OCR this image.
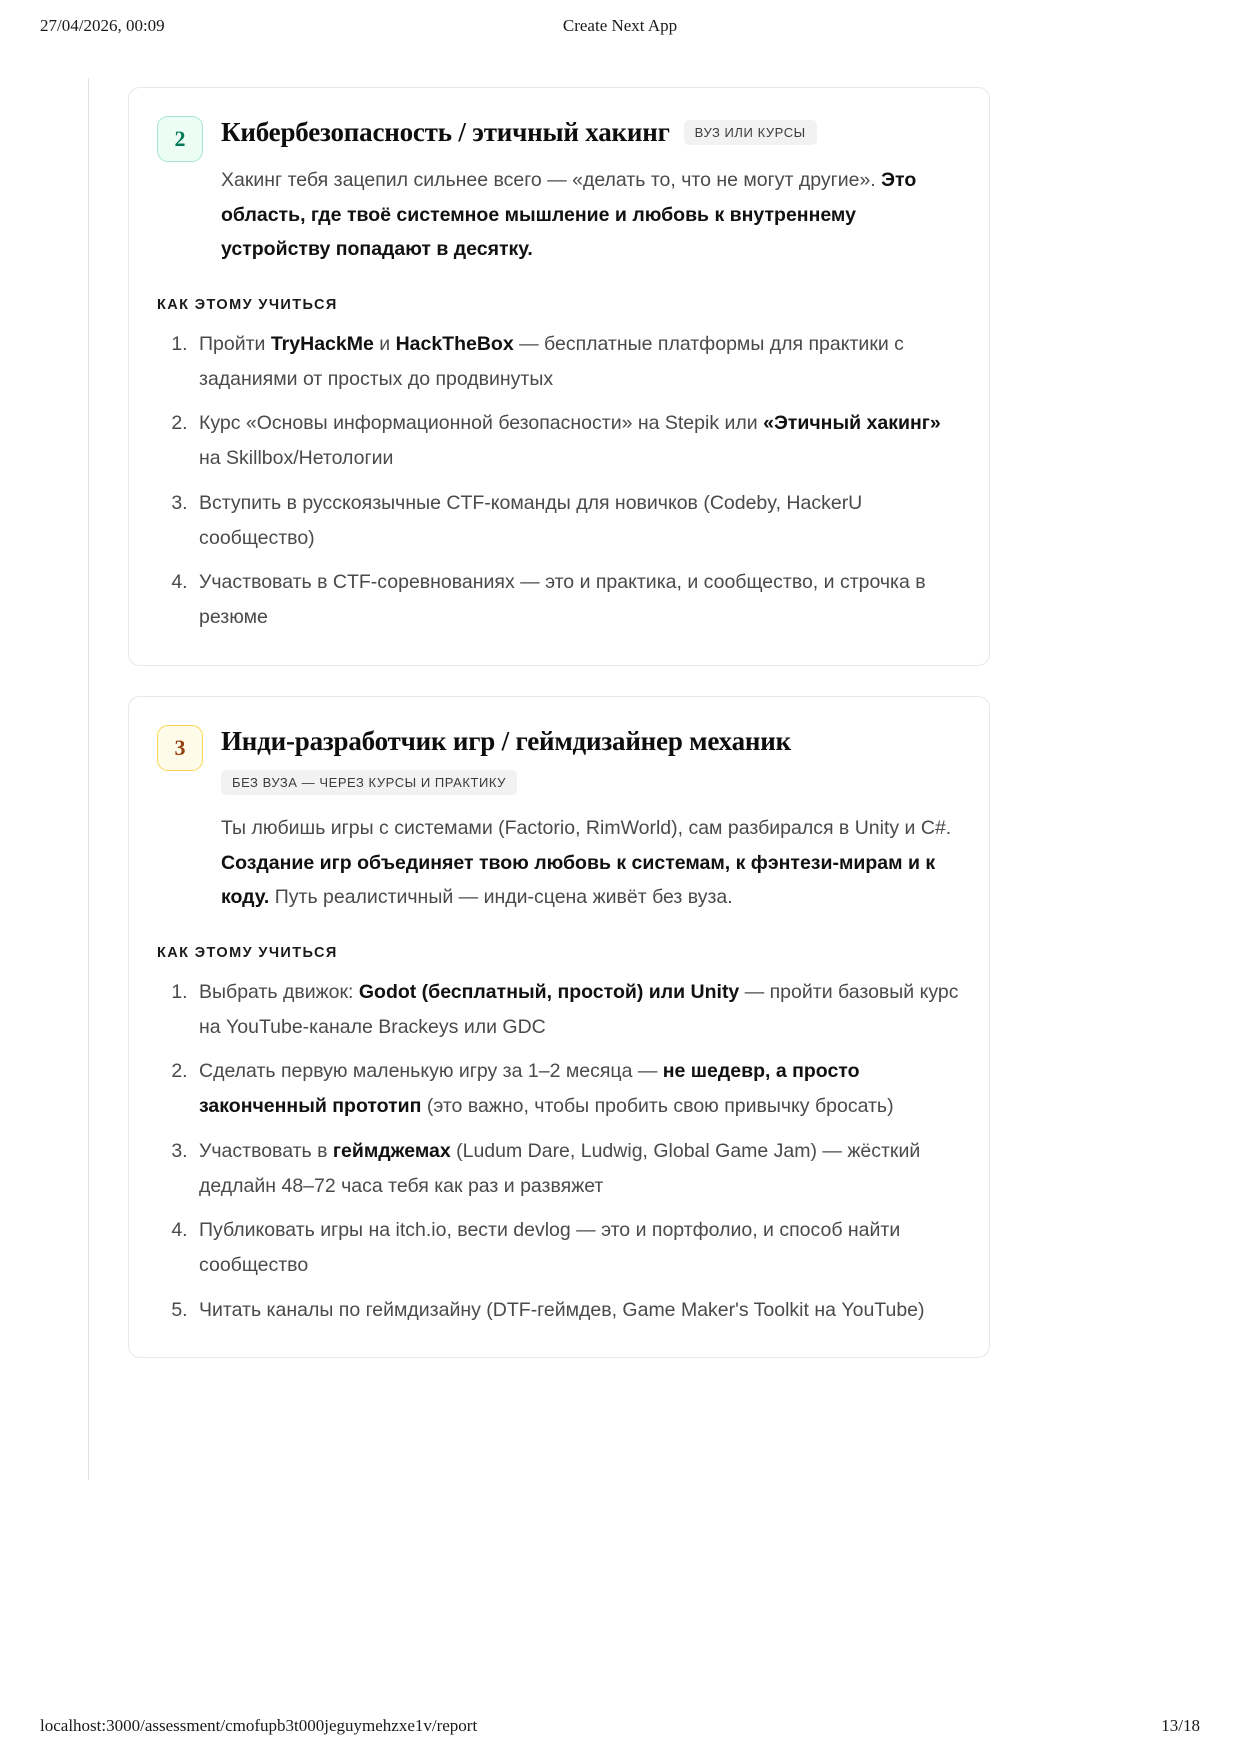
27/04/2026, 00:09	Create Next App
2	Кибербезопасность / этичный хакинг	ВУЗ ИЛИ КУРСЫ

Хакинг тебя зацепил сильнее всего — «делать то, что не могут другие». Это область, где твоё системное мышление и любовь к внутреннему устройству попадают в десятку.

КАК ЭТОМУ УЧИТЬСЯ
1. Пройти TryHackMe и HackTheBox — бесплатные платформы для практики с заданиями от простых до продвинутых
2. Курс «Основы информационной безопасности» на Stepik или «Этичный хакинг» на Skillbox/Нетологии
3. Вступить в русскоязычные CTF-команды для новичков (Codeby, HackerU сообщество)
4. Участвовать в CTF-соревнованиях — это и практика, и сообщество, и строчка в резюме
3	Инди-разработчик игр / геймдизайнер механик
БЕЗ ВУЗА — ЧЕРЕЗ КУРСЫ И ПРАКТИКУ

Ты любишь игры с системами (Factorio, RimWorld), сам разбирался в Unity и C#. Создание игр объединяет твою любовь к системам, к фэнтези-мирам и к коду. Путь реалистичный — инди-сцена живёт без вуза.

КАК ЭТОМУ УЧИТЬСЯ
1. Выбрать движок: Godot (бесплатный, простой) или Unity — пройти базовый курс на YouTube-канале Brackeys или GDC
2. Сделать первую маленькую игру за 1–2 месяца — не шедевр, а просто законченный прототип (это важно, чтобы пробить свою привычку бросать)
3. Участвовать в геймджемах (Ludum Dare, Ludwig, Global Game Jam) — жёсткий дедлайн 48–72 часа тебя как раз и развяжет
4. Публиковать игры на itch.io, вести devlog — это и портфолио, и способ найти сообщество
5. Читать каналы по геймдизайну (DTF-геймдев, Game Maker's Toolkit на YouTube)
localhost:3000/assessment/cmofupb3t000jeguymehzxe1v/report	13/18
